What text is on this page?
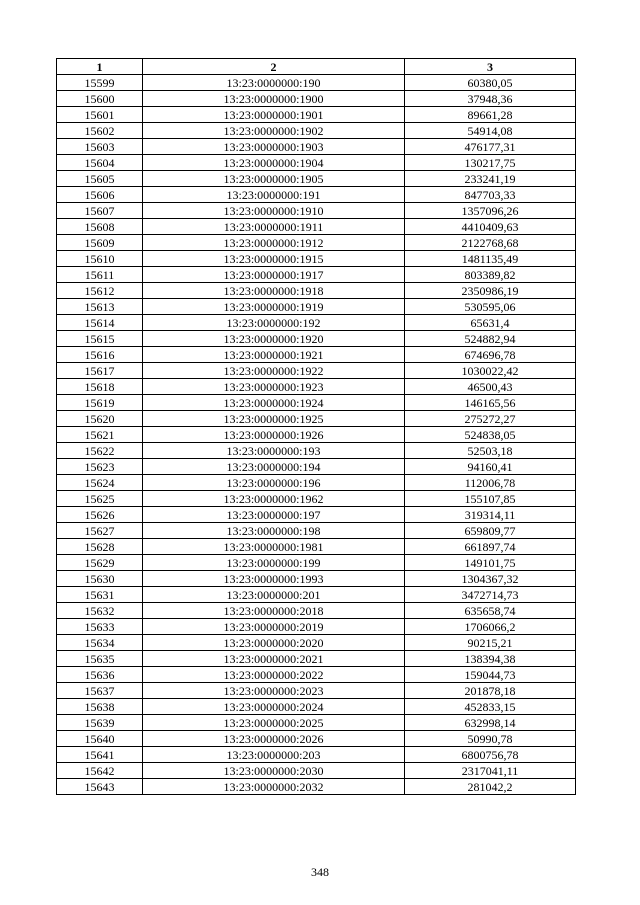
1	2	3
15599	13:23:0000000:190	60380,05
15600	13:23:0000000:1900	37948,36
15601	13:23:0000000:1901	89661,28
15602	13:23:0000000:1902	54914,08
15603	13:23:0000000:1903	476177,31
15604	13:23:0000000:1904	130217,75
15605	13:23:0000000:1905	233241,19
15606	13:23:0000000:191	847703,33
15607	13:23:0000000:1910	1357096,26
15608	13:23:0000000:1911	4410409,63
15609	13:23:0000000:1912	2122768,68
15610	13:23:0000000:1915	1481135,49
15611	13:23:0000000:1917	803389,82
15612	13:23:0000000:1918	2350986,19
15613	13:23:0000000:1919	530595,06
15614	13:23:0000000:192	65631,4
15615	13:23:0000000:1920	524882,94
15616	13:23:0000000:1921	674696,78
15617	13:23:0000000:1922	1030022,42
15618	13:23:0000000:1923	46500,43
15619	13:23:0000000:1924	146165,56
15620	13:23:0000000:1925	275272,27
15621	13:23:0000000:1926	524838,05
15622	13:23:0000000:193	52503,18
15623	13:23:0000000:194	94160,41
15624	13:23:0000000:196	112006,78
15625	13:23:0000000:1962	155107,85
15626	13:23:0000000:197	319314,11
15627	13:23:0000000:198	659809,77
15628	13:23:0000000:1981	661897,74
15629	13:23:0000000:199	149101,75
15630	13:23:0000000:1993	1304367,32
15631	13:23:0000000:201	3472714,73
15632	13:23:0000000:2018	635658,74
15633	13:23:0000000:2019	1706066,2
15634	13:23:0000000:2020	90215,21
15635	13:23:0000000:2021	138394,38
15636	13:23:0000000:2022	159044,73
15637	13:23:0000000:2023	201878,18
15638	13:23:0000000:2024	452833,15
15639	13:23:0000000:2025	632998,14
15640	13:23:0000000:2026	50990,78
15641	13:23:0000000:203	6800756,78
15642	13:23:0000000:2030	2317041,11
15643	13:23:0000000:2032	281042,2
348
